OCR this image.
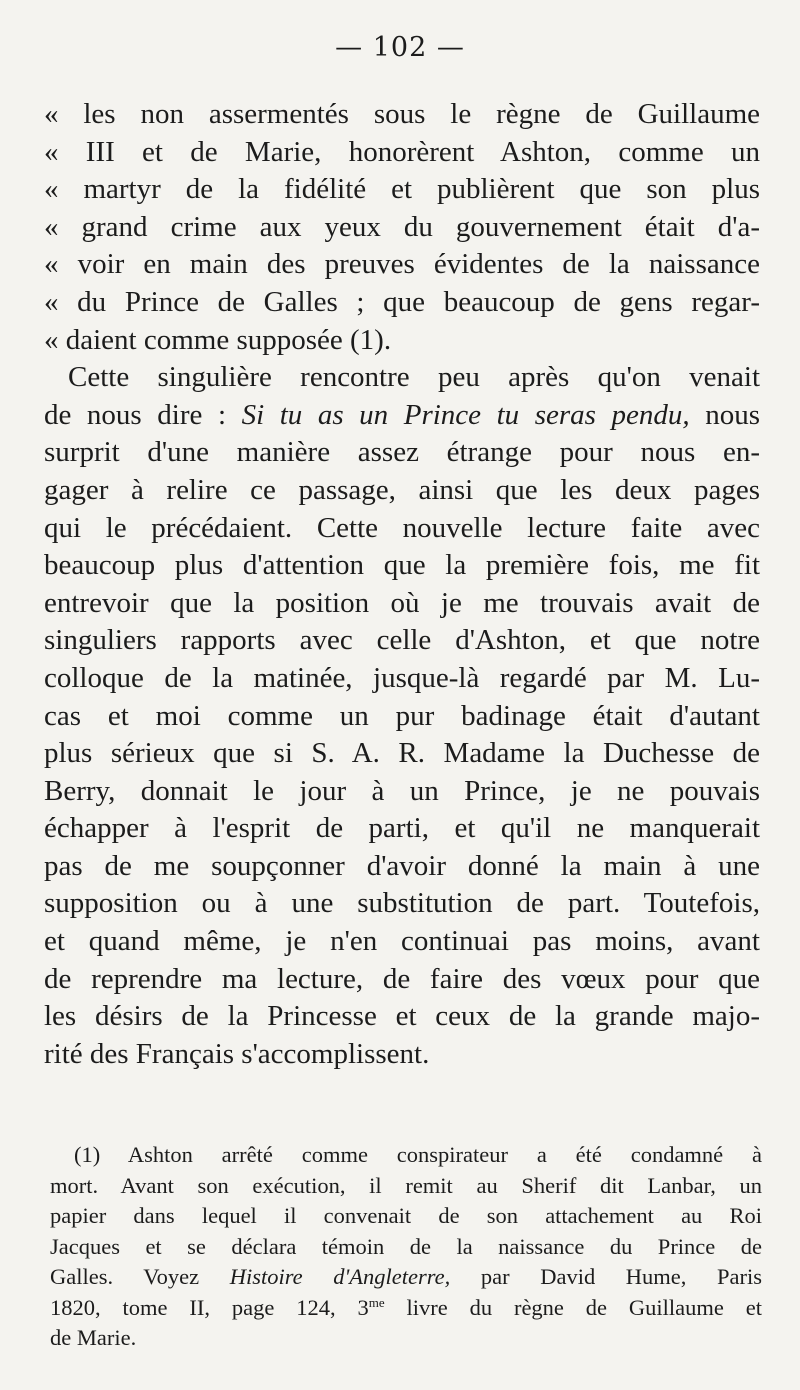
— 102 —
« les non assermentés sous le règne de Guillaume
« III et de Marie, honorèrent Ashton, comme un
« martyr de la fidélité et publièrent que son plus
« grand crime aux yeux du gouvernement était d'a-
« voir en main des preuves évidentes de la naissance
« du Prince de Galles ; que beaucoup de gens regar-
« daient comme supposée (1).
Cette singulière rencontre peu après qu'on venait
de nous dire : Si tu as un Prince tu seras pendu, nous
surprit d'une manière assez étrange pour nous en-
gager à relire ce passage, ainsi que les deux pages
qui le précédaient. Cette nouvelle lecture faite avec
beaucoup plus d'attention que la première fois, me fit
entrevoir que la position où je me trouvais avait de
singuliers rapports avec celle d'Ashton, et que notre
colloque de la matinée, jusque-là regardé par M. Lu-
cas et moi comme un pur badinage était d'autant
plus sérieux que si S. A. R. Madame la Duchesse de
Berry, donnait le jour à un Prince, je ne pouvais
échapper à l'esprit de parti, et qu'il ne manquerait
pas de me soupçonner d'avoir donné la main à une
supposition ou à une substitution de part. Toutefois,
et quand même, je n'en continuai pas moins, avant
de reprendre ma lecture, de faire des vœux pour que
les désirs de la Princesse et ceux de la grande majo-
rité des Français s'accomplissent.
(1) Ashton arrêté comme conspirateur a été condamné à
mort. Avant son exécution, il remit au Sherif dit Lanbar, un
papier dans lequel il convenait de son attachement au Roi
Jacques et se déclara témoin de la naissance du Prince de
Galles. Voyez Histoire d'Angleterre, par David Hume, Paris
1820, tome II, page 124, $3^{me}$ livre du règne de Guillaume et
de Marie.
